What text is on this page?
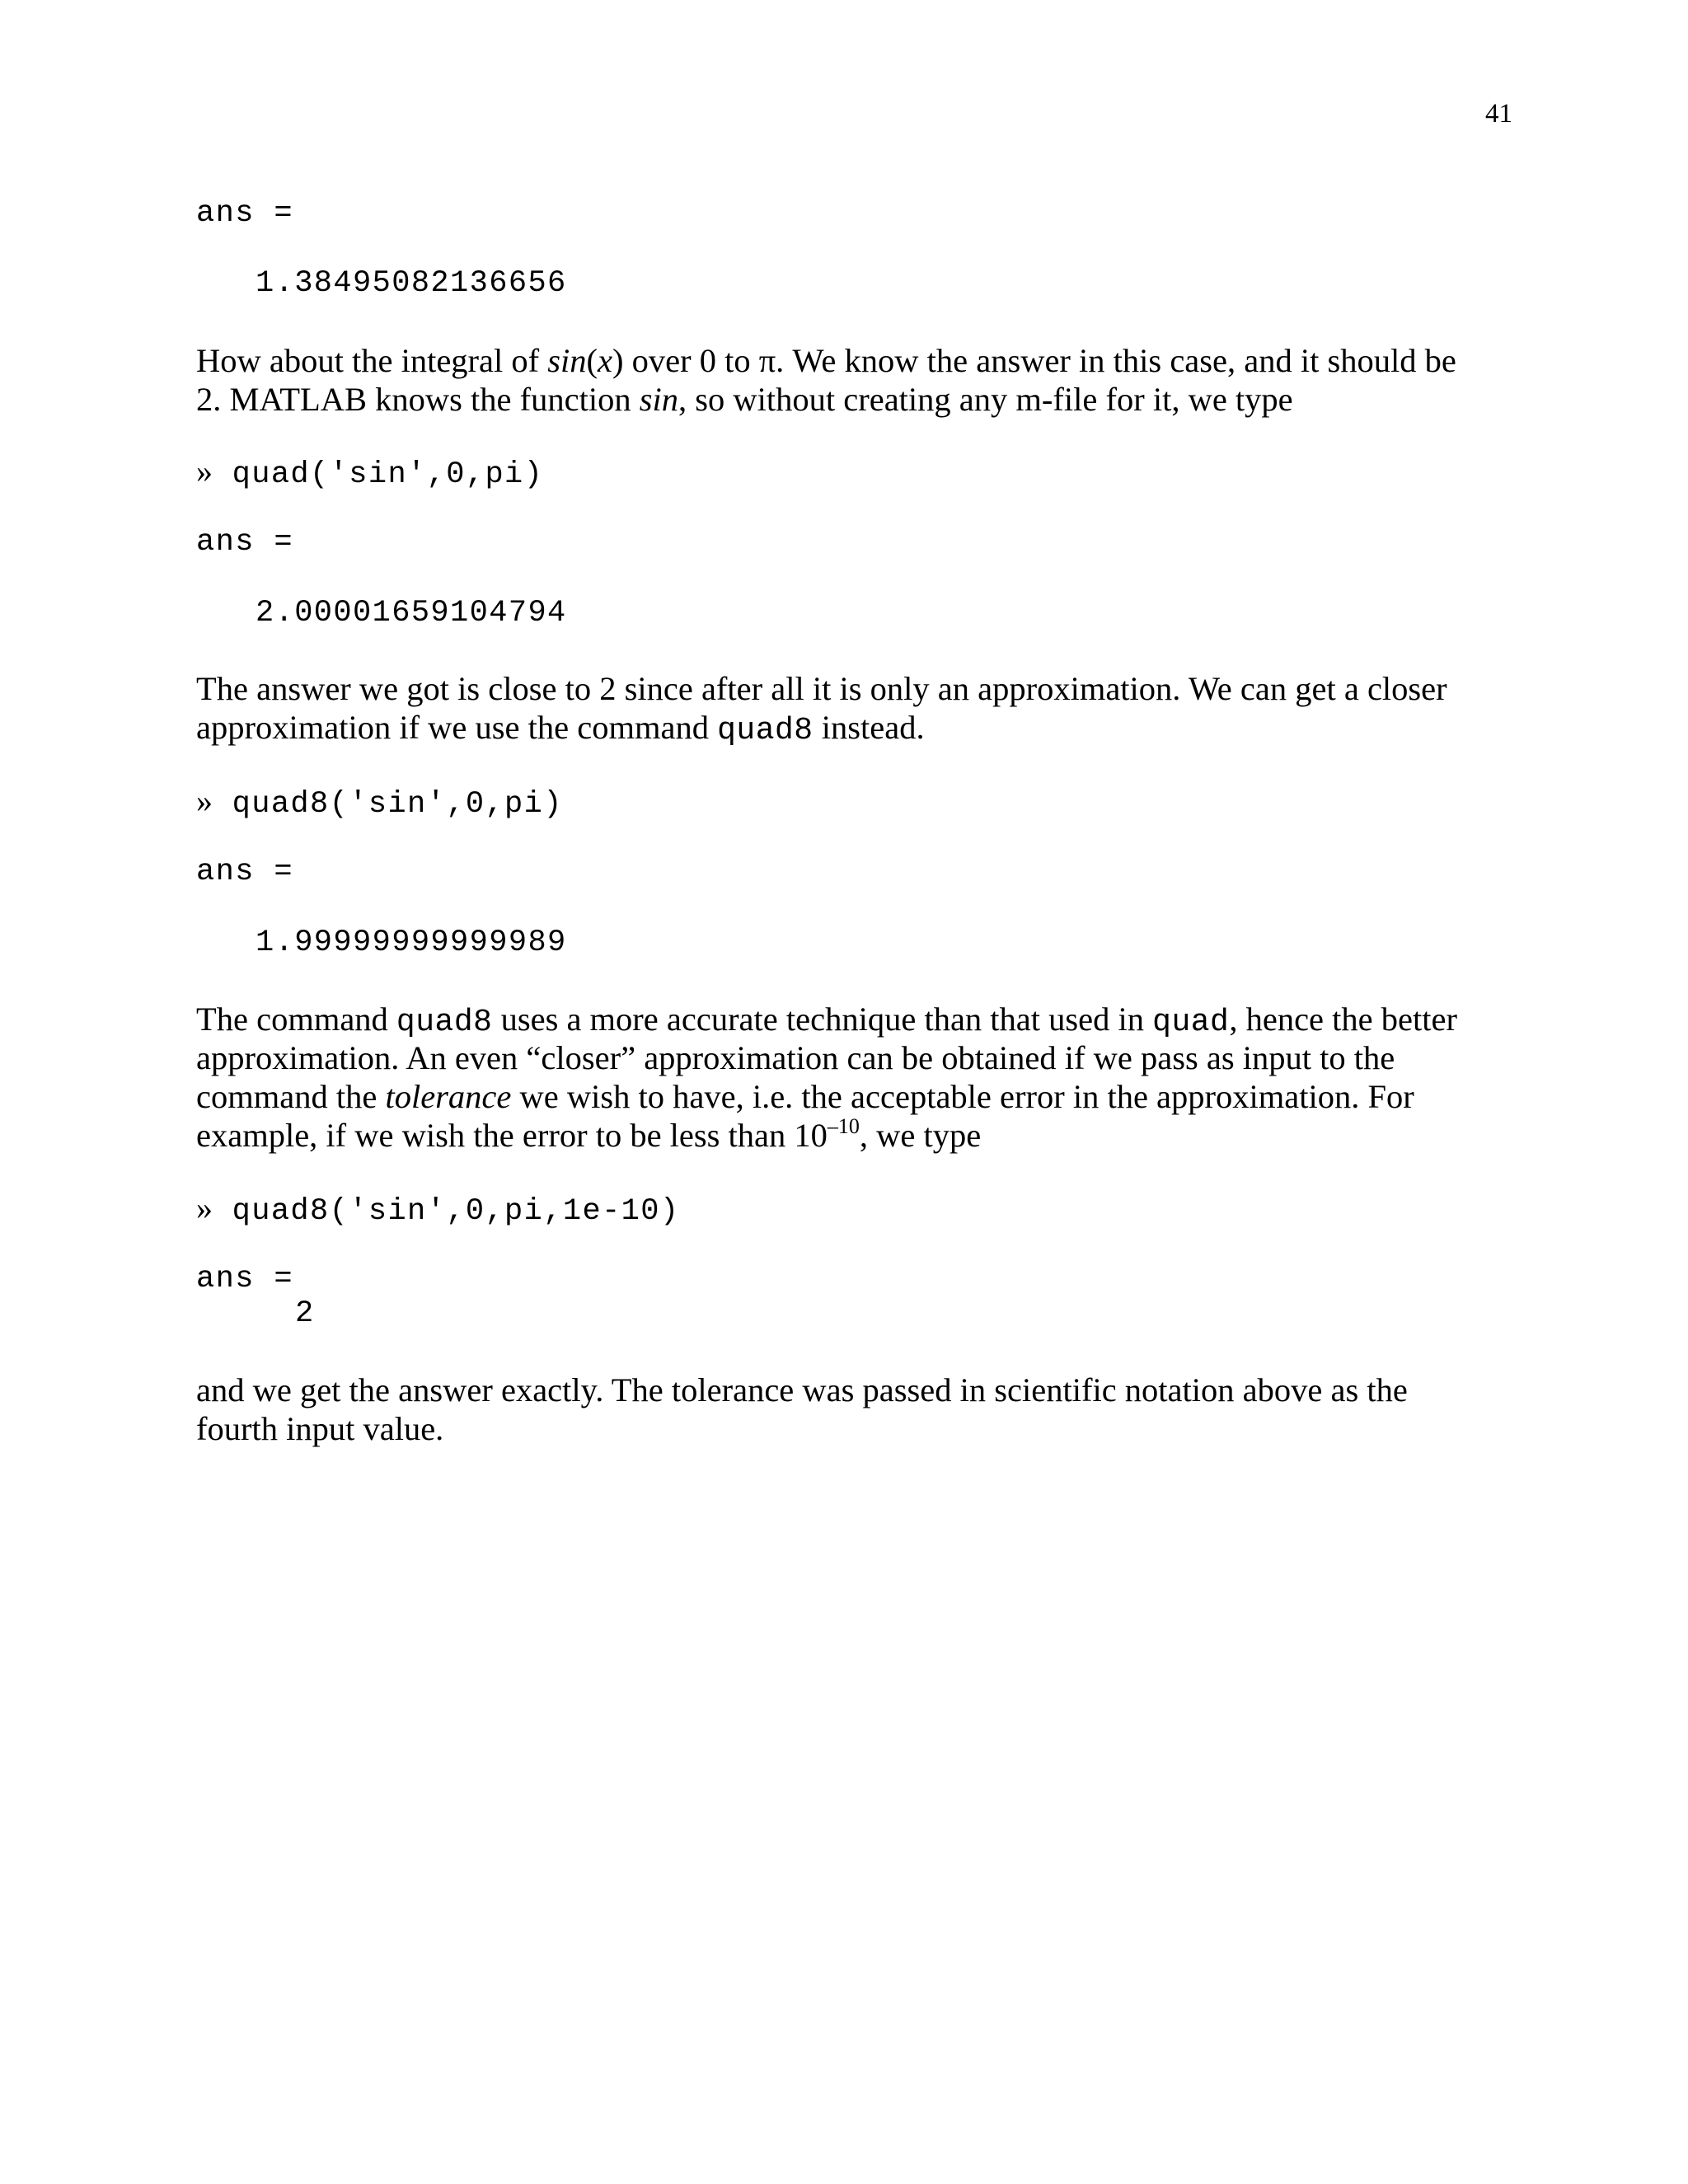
41
ans =
1.38495082136656
How about the integral of sin(x) over 0 to π. We know the answer in this case, and it should be
2. MATLAB knows the function sin, so without creating any m-file for it, we type
» quad('sin',0,pi)
ans =
2.00001659104794
The answer we got is close to 2 since after all it is only an approximation. We can get a closer
approximation if we use the command quad8 instead.
» quad8('sin',0,pi)
ans =
1.99999999999989
The command quad8 uses a more accurate technique than that used in quad, hence the better
approximation. An even “closer” approximation can be obtained if we pass as input to the
command the tolerance we wish to have, i.e. the acceptable error in the approximation. For
example, if we wish the error to be less than $10^{-10}$, we type
» quad8('sin',0,pi,1e-10)
ans =
2
and we get the answer exactly. The tolerance was passed in scientific notation above as the
fourth input value.
